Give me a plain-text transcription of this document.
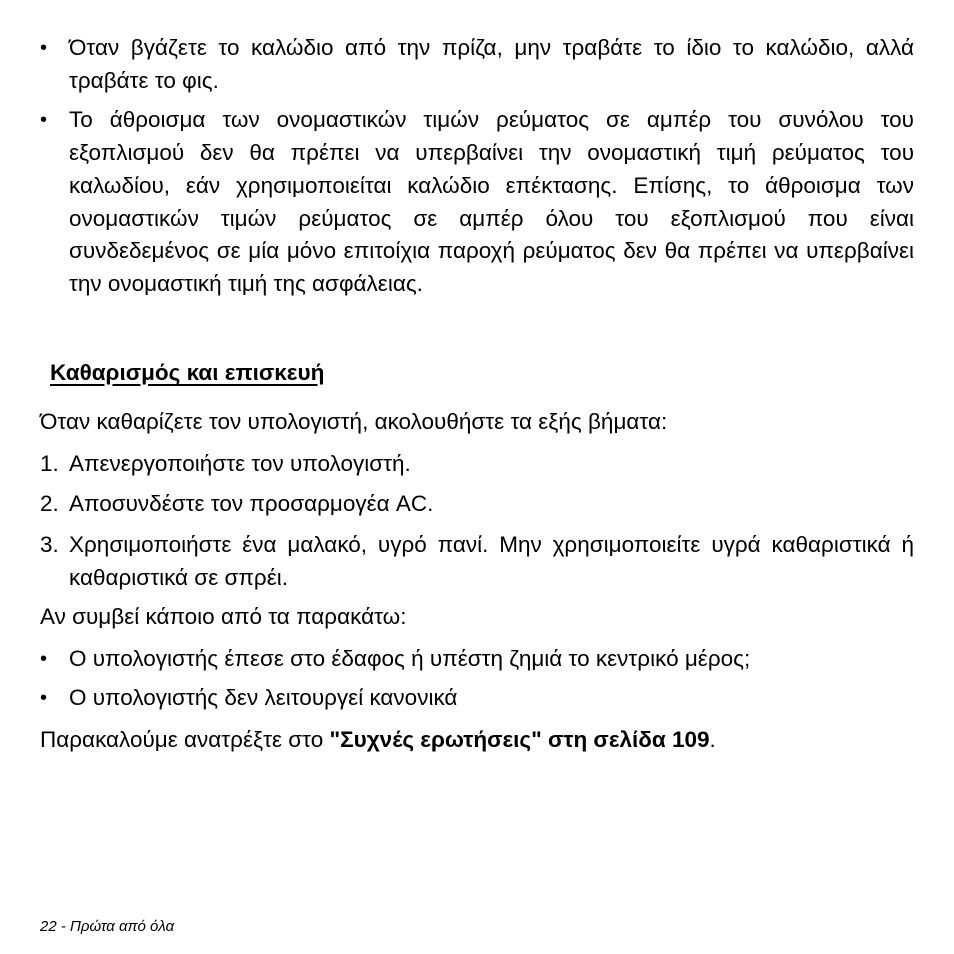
• Όταν βγάζετε το καλώδιο από την πρίζα, μην τραβάτε το ίδιο το καλώδιο, αλλά τραβάτε το φις.
• Το άθροισμα των ονομαστικών τιμών ρεύματος σε αμπέρ του συνόλου του εξοπλισμού δεν θα πρέπει να υπερβαίνει την ονομαστική τιμή ρεύματος του καλωδίου, εάν χρησιμοποιείται καλώδιο επέκτασης. Επίσης, το άθροισμα των ονομαστικών τιμών ρεύματος σε αμπέρ όλου του εξοπλισμού που είναι συνδεδεμένος σε μία μόνο επιτοίχια παροχή ρεύματος δεν θα πρέπει να υπερβαίνει την ονομαστική τιμή της ασφάλειας.
Καθαρισμός και επισκευή

Όταν καθαρίζετε τον υπολογιστή, ακολουθήστε τα εξής βήματα:

1. Απενεργοποιήστε τον υπολογιστή.
2. Αποσυνδέστε τον προσαρμογέα AC.
3. Χρησιμοποιήστε ένα μαλακό, υγρό πανί. Μην χρησιμοποιείτε υγρά καθαριστικά ή καθαριστικά σε σπρέι.

Αν συμβεί κάποιο από τα παρακάτω:

• Ο υπολογιστής έπεσε στο έδαφος ή υπέστη ζημιά το κεντρικό μέρος;
• Ο υπολογιστής δεν λειτουργεί κανονικά

Παρακαλούμε ανατρέξτε στο "Συχνές ερωτήσεις" στη σελίδα 109.

22 - Πρώτα από όλα
